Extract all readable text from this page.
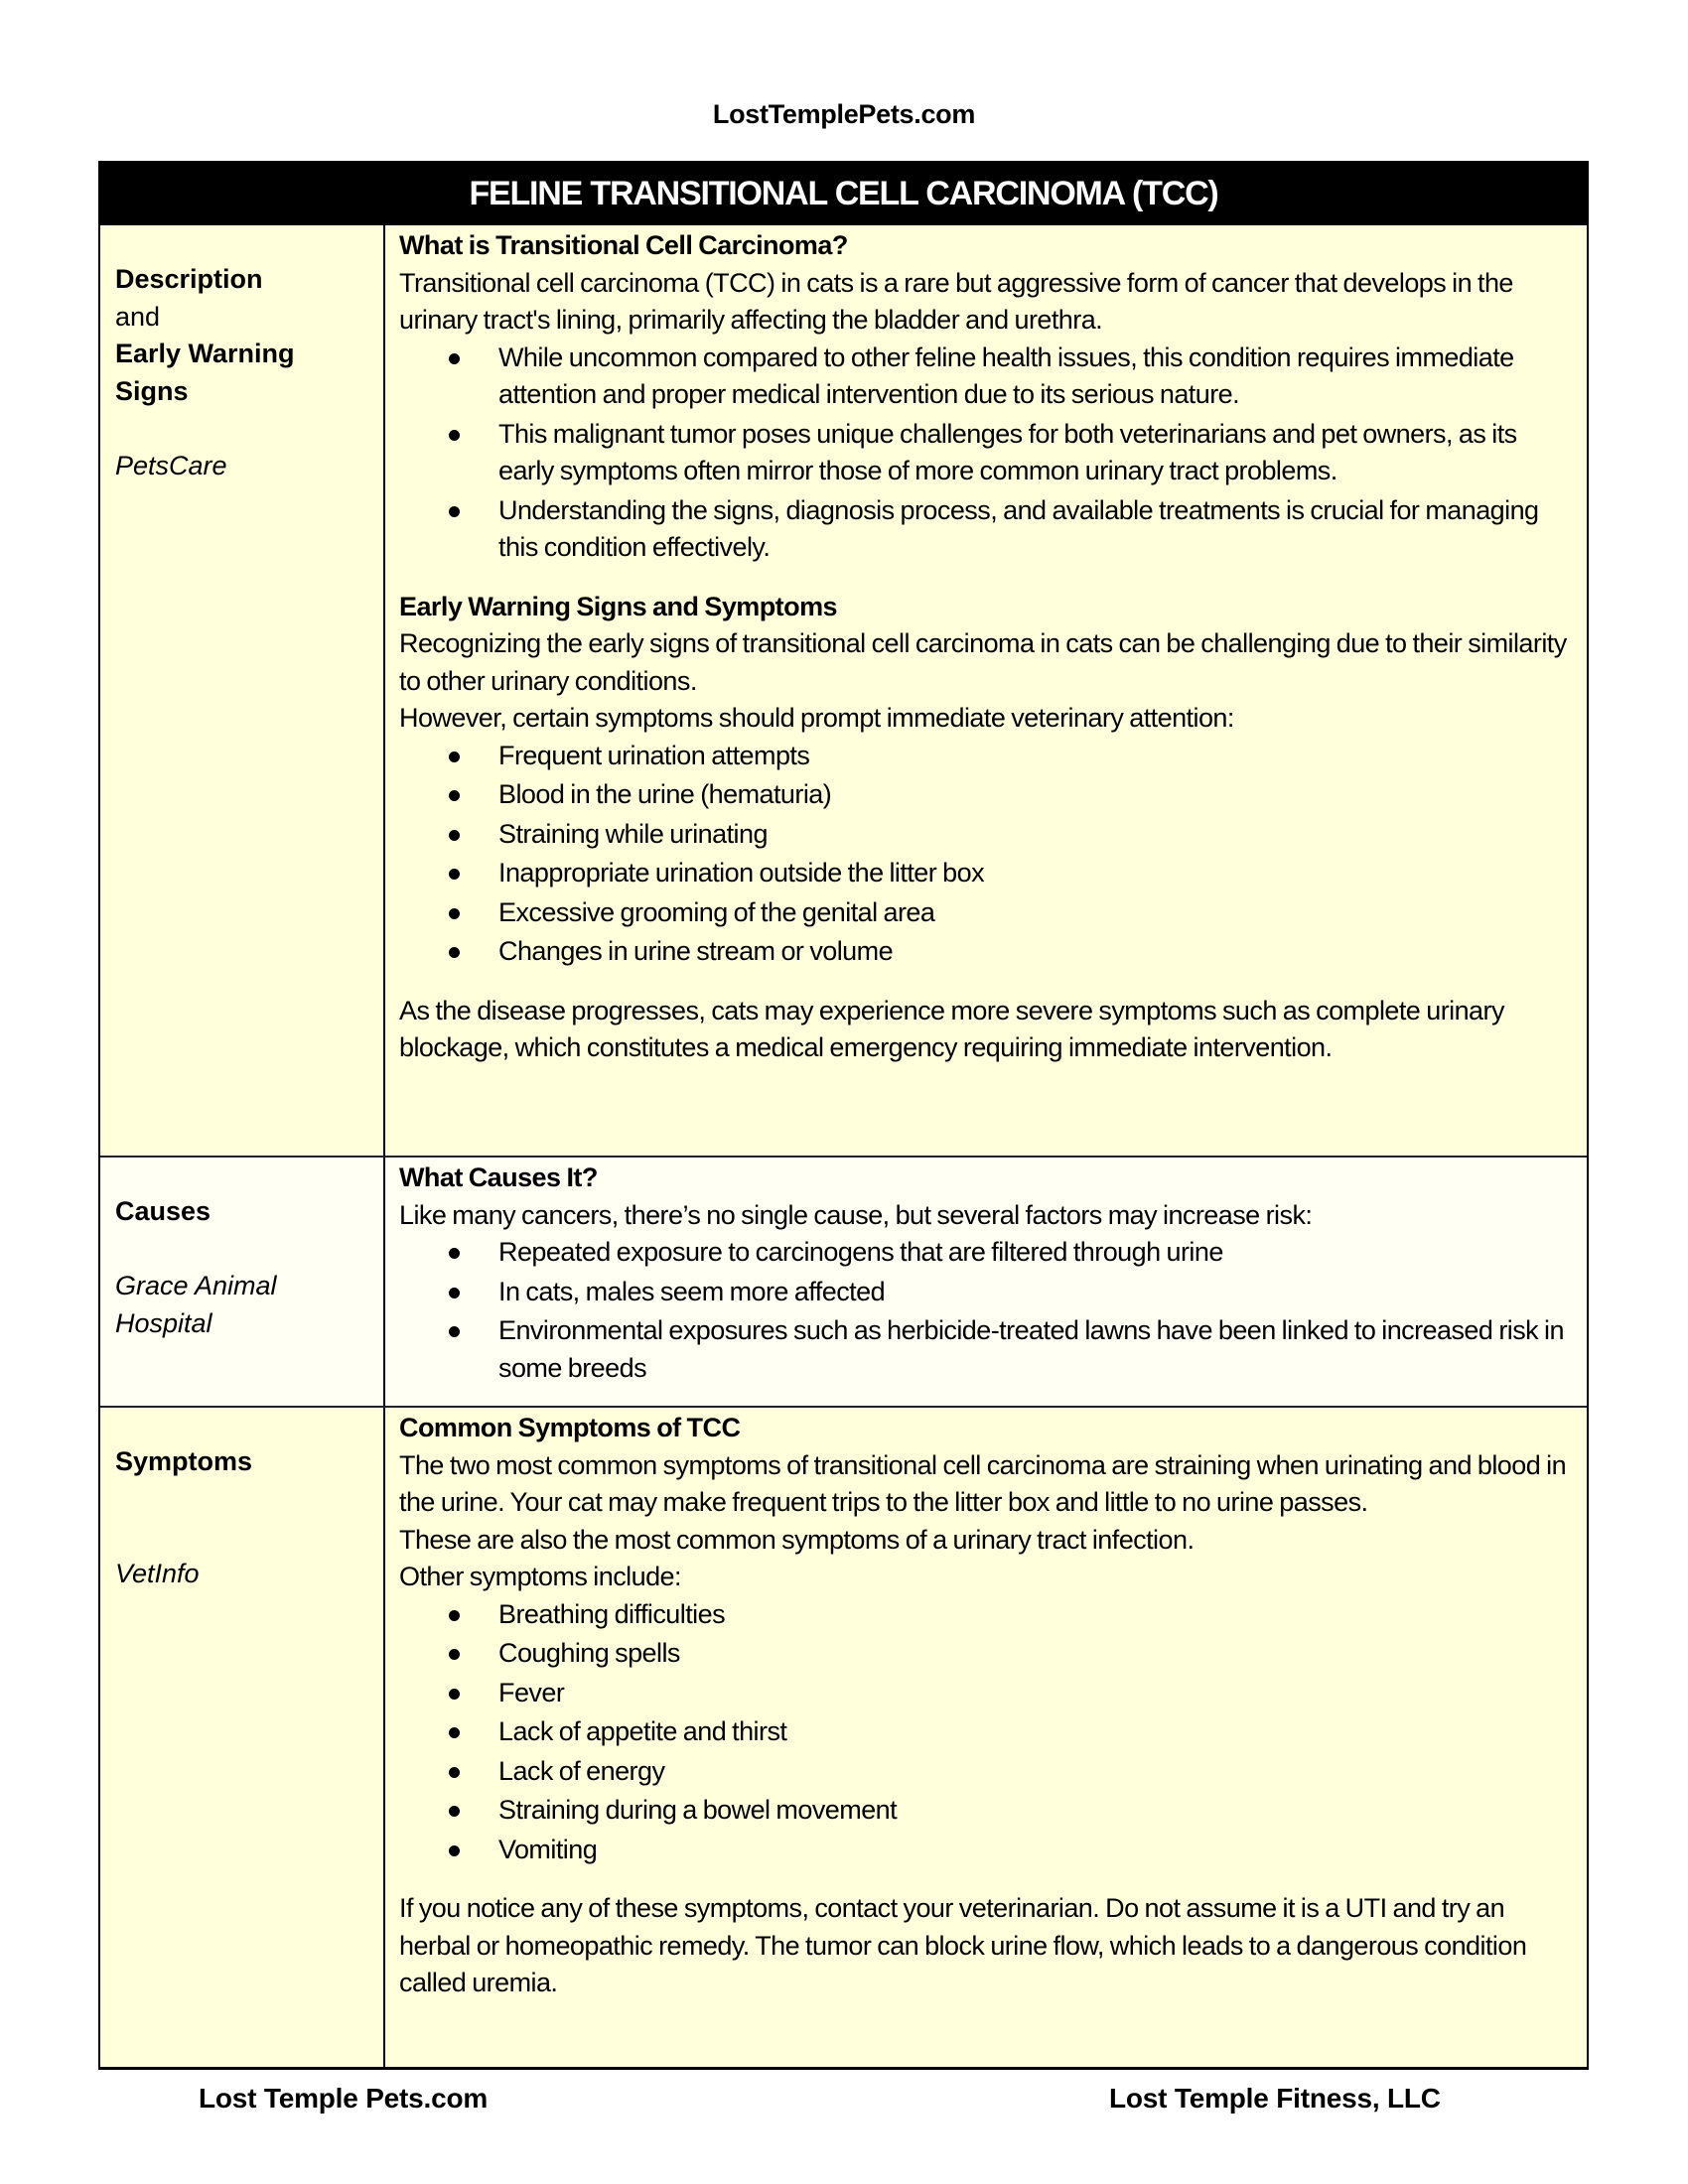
LostTemplePets.com
FELINE TRANSITIONAL CELL CARCINOMA (TCC)
Description
and
Early Warning Signs
PetsCare
What is Transitional Cell Carcinoma?
Transitional cell carcinoma (TCC) in cats is a rare but aggressive form of cancer that develops in the urinary tract's lining, primarily affecting the bladder and urethra.
While uncommon compared to other feline health issues, this condition requires immediate attention and proper medical intervention due to its serious nature.
This malignant tumor poses unique challenges for both veterinarians and pet owners, as its early symptoms often mirror those of more common urinary tract problems.
Understanding the signs, diagnosis process, and available treatments is crucial for managing this condition effectively.
Early Warning Signs and Symptoms
Recognizing the early signs of transitional cell carcinoma in cats can be challenging due to their similarity to other urinary conditions.
However, certain symptoms should prompt immediate veterinary attention:
Frequent urination attempts
Blood in the urine (hematuria)
Straining while urinating
Inappropriate urination outside the litter box
Excessive grooming of the genital area
Changes in urine stream or volume
As the disease progresses, cats may experience more severe symptoms such as complete urinary blockage, which constitutes a medical emergency requiring immediate intervention.
Causes
Grace Animal Hospital
What Causes It?
Like many cancers, there’s no single cause, but several factors may increase risk:
Repeated exposure to carcinogens that are filtered through urine
In cats, males seem more affected
Environmental exposures such as herbicide-treated lawns have been linked to increased risk in some breeds
Symptoms
VetInfo
Common Symptoms of TCC
The two most common symptoms of transitional cell carcinoma are straining when urinating and blood in the urine. Your cat may make frequent trips to the litter box and little to no urine passes.
These are also the most common symptoms of a urinary tract infection.
Other symptoms include:
Breathing difficulties
Coughing spells
Fever
Lack of appetite and thirst
Lack of energy
Straining during a bowel movement
Vomiting
If you notice any of these symptoms, contact your veterinarian. Do not assume it is a UTI and try an herbal or homeopathic remedy. The tumor can block urine flow, which leads to a dangerous condition called uremia.
Lost Temple Pets.com	Lost Temple Fitness, LLC
